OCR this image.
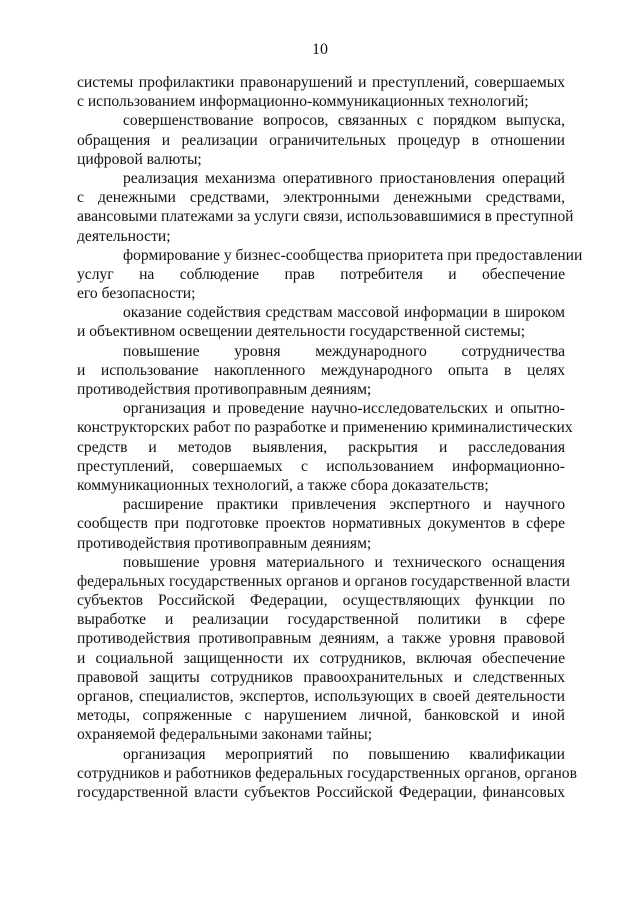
10
системы профилактики правонарушений и преступлений, совершаемых
с использованием информационно-коммуникационных технологий;
совершенствование вопросов, связанных с порядком выпуска,
обращения и реализации ограничительных процедур в отношении
цифровой валюты;
реализация механизма оперативного приостановления операций
с денежными средствами, электронными денежными средствами,
авансовыми платежами за услуги связи, использовавшимися в преступной
деятельности;
формирование у бизнес-сообщества приоритета при предоставлении
услуг на соблюдение прав потребителя и обеспечение
его безопасности;
оказание содействия средствам массовой информации в широком
и объективном освещении деятельности государственной системы;
повышение уровня международного сотрудничества
и использование накопленного международного опыта в целях
противодействия противоправным деяниям;
организация и проведение научно-исследовательских и опытно-
конструкторских работ по разработке и применению криминалистических
средств и методов выявления, раскрытия и расследования
преступлений, совершаемых с использованием информационно-
коммуникационных технологий, а также сбора доказательств;
расширение практики привлечения экспертного и научного
сообществ при подготовке проектов нормативных документов в сфере
противодействия противоправным деяниям;
повышение уровня материального и технического оснащения
федеральных государственных органов и органов государственной власти
субъектов Российской Федерации, осуществляющих функции по
выработке и реализации государственной политики в сфере
противодействия противоправным деяниям, а также уровня правовой
и социальной защищенности их сотрудников, включая обеспечение
правовой защиты сотрудников правоохранительных и следственных
органов, специалистов, экспертов, использующих в своей деятельности
методы, сопряженные с нарушением личной, банковской и иной
охраняемой федеральными законами тайны;
организация мероприятий по повышению квалификации
сотрудников и работников федеральных государственных органов, органов
государственной власти субъектов Российской Федерации, финансовых
